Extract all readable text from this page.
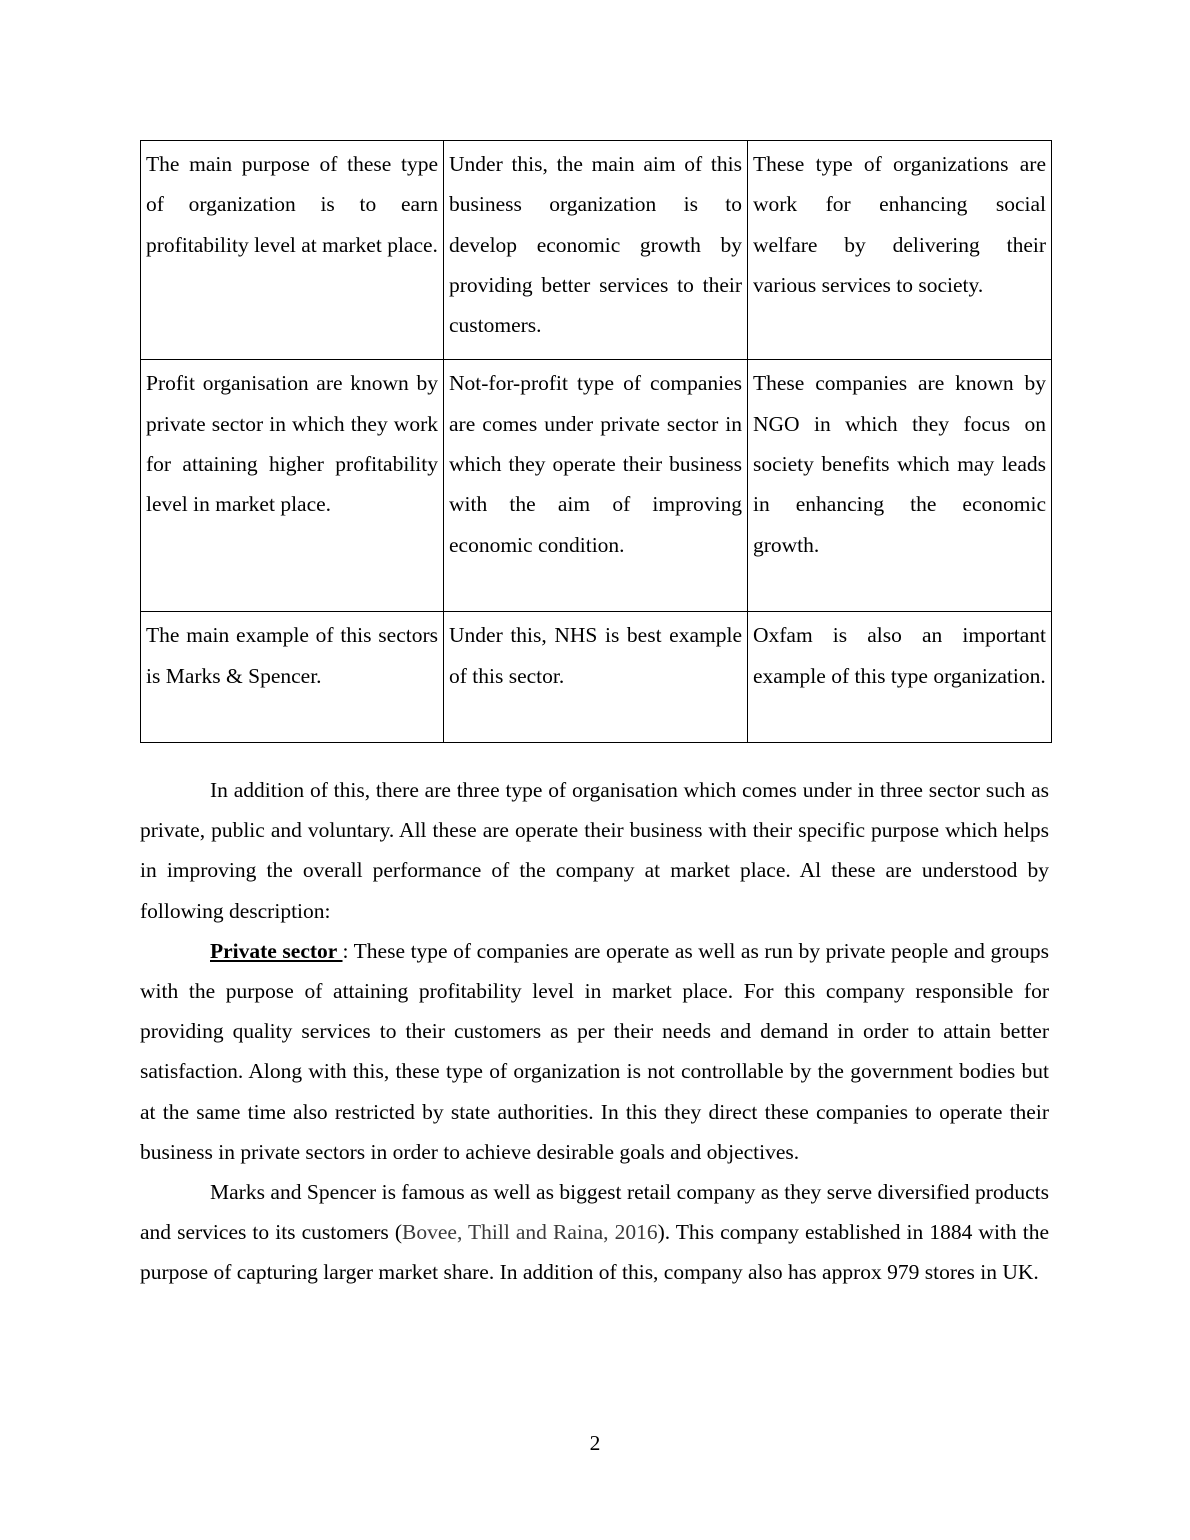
The main purpose of these type of organization is to earn profitability level at market place.	Under this, the main aim of this business organization is to develop economic growth by providing better services to their customers.	These type of organizations are work for enhancing social welfare by delivering their various services to society.
Profit organisation are known by private sector in which they work for attaining higher profitability level in market place.	Not-for-profit type of companies are comes under private sector in which they operate their business with the aim of improving economic condition.	These companies are known by NGO in which they focus on society benefits which may leads in enhancing the economic growth.
The main example of this sectors is Marks & Spencer.	Under this, NHS is best example of this sector.	Oxfam is also an important example of this type organization.

In addition of this, there are three type of organisation which comes under in three sector such as private, public and voluntary. All these are operate their business with their specific purpose which helps in improving the overall performance of the company at market place. Al these are understood by following description:

Private sector : These type of companies are operate as well as run by private people and groups with the purpose of attaining profitability level in market place. For this company responsible for providing quality services to their customers as per their needs and demand in order to attain better satisfaction. Along with this, these type of organization is not controllable by the government bodies but at the same time also restricted by state authorities. In this they direct these companies to operate their business in private sectors in order to achieve desirable goals and objectives.

Marks and Spencer is famous as well as biggest retail company as they serve diversified products and services to its customers (Bovee, Thill and Raina, 2016). This company established in 1884 with the purpose of capturing larger market share. In addition of this, company also has approx 979 stores in UK.

2
